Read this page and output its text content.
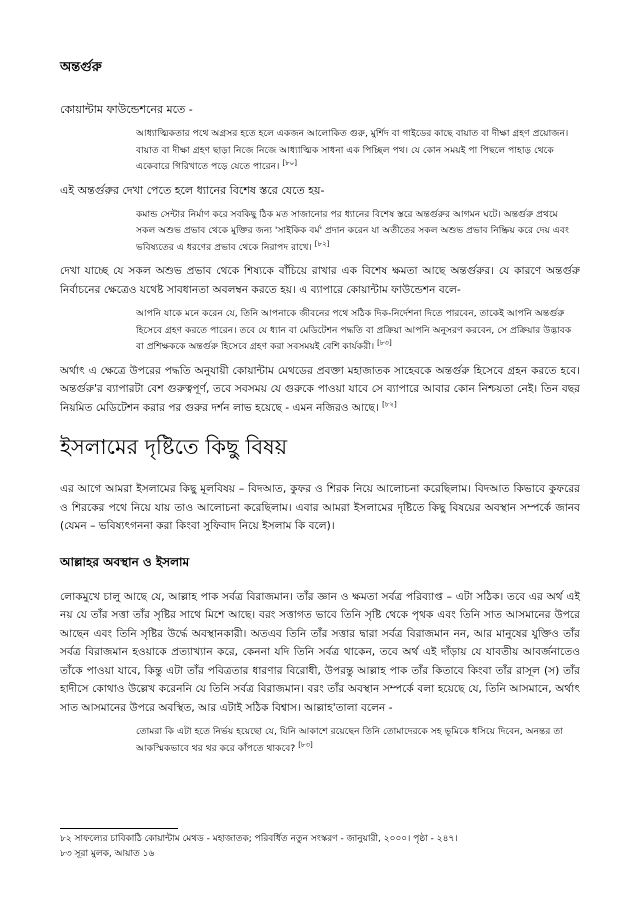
অন্তর্গুরু

কোয়ান্টাম ফাউন্ডেশনের মতে -

আধ্যাত্মিকতার পথে অগ্রসর হতে হলে একজন আলোকিত গুরু, মুর্শিদ বা গাইডের কাছে বায়াত বা দীক্ষা গ্রহণ প্রয়োজন। বায়াত বা দীক্ষা গ্রহণ ছাড়া নিজে নিজে আধ্যাত্মিক সাধনা এক পিচ্ছিল পথ। যে কোন সময়ই পা পিছলে পাহাড় থেকে একেবারে গিরিখাতে পড়ে যেতে পারেন। [৮০]

এই অন্তর্গুরুর দেখা পেতে হলে ধ্যানের বিশেষ স্তরে যেতে হয়-

কমান্ড সেন্টার নির্মাণ করে সবকিছু ঠিক মত সাজানোর পর ধ্যানের বিশেষ স্তরে অন্তর্গুরুর আগমন ঘটে। অন্তর্গুরু প্রথমে সকল অশুভ প্রভাব থেকে মুক্তির জন্য 'সাইকিক বর্ম' প্রদান করেন যা অতীতের সকল অশুভ প্রভাব নিষ্ক্রিয় করে দেয় এবং ভবিষ্যতের এ ধরণের প্রভাব থেকে নিরাপদ রাখে। [৮২]

দেখা যাচ্ছে যে সকল অশুভ প্রভাব থেকে শিষ্যকে বাঁচিয়ে রাখার এক বিশেষ ক্ষমতা আছে অন্তর্গুরুর। যে কারণে অন্তর্গুরু নির্বাচনের ক্ষেত্রেও যথেষ্ট সাবধানতা অবলম্বন করতে হয়। এ ব্যাপারে কোয়ান্টাম ফাউন্ডেশন বলে-

আপনি যাকে মনে করেন যে, তিনি আপনাকে জীবনের পথে সঠিক দিক-নির্দেশনা দিতে পারবেন, তাকেই আপনি অন্তর্গুরু হিসেবে গ্রহণ করতে পারেন। তবে যে ধ্যান বা মেডিটেশন পদ্ধতি বা প্রক্রিয়া আপনি অনুসরণ করবেন, সে প্রক্রিয়ার উদ্ভাবক বা প্রশিক্ষককে অন্তর্গুরু হিসেবে গ্রহণ করা সবসময়ই বেশি কার্যকরী। [৮৩]

অর্থাৎ এ ক্ষেত্রে উপরের পদ্ধতি অনুযায়ী কোয়ান্টাম মেথডের প্রবক্তা মহাজাতক সাহেবকে অন্তর্গুরু হিসেবে গ্রহন করতে হবে। অন্তর্গুরু'র ব্যাপারটা বেশ গুরুত্বপূর্ণ, তবে সবসময় যে গুরুকে পাওয়া যাবে সে ব্যাপারে আবার কোন নিশ্চয়তা নেই। তিন বছর নিয়মিত মেডিটেশন করার পর গুরুর দর্শন লাভ হয়েছে - এমন নজিরও আছে। [৮২]

ইসলামের দৃষ্টিতে কিছু বিষয়

এর আগে আমরা ইসলামের কিছু মূলবিষয় – বিদআত, কুফর ও শিরক নিয়ে আলোচনা করেছিলাম। বিদআত কিভাবে কুফরের ও শিরকের পথে নিয়ে যায় তাও আলোচনা করেছিলাম। এবার আমরা ইসলামের দৃষ্টিতে কিছু বিষয়ের অবস্থান সম্পর্কে জানব (যেমন – ভবিষ্যৎগননা করা কিংবা সুফিবাদ নিয়ে ইসলাম কি বলে)।

আল্লাহর অবস্থান ও ইসলাম

লোকমুখে চালু আছে যে, আল্লাহ পাক সর্বত্র বিরাজমান। তাঁর জ্ঞান ও ক্ষমতা সর্বত্র পরিব্যাপ্ত – এটা সঠিক। তবে এর অর্থ এই নয় যে তাঁর সত্তা তাঁর সৃষ্টির সাথে মিশে আছে। বরং সত্তাগত ভাবে তিনি সৃষ্টি থেকে পৃথক এবং তিনি সাত আসমানের উপরে আছেন এবং তিনি সৃষ্টির উর্দ্ধে অবস্থানকারী। অতএব তিনি তাঁর সত্তার দ্বারা সর্বত্র বিরাজমান নন, আর মানুষের যুক্তিও তাঁর সর্বত্র বিরাজমান হওয়াকে প্রত্যাখ্যান করে, কেননা যদি তিনি সর্বত্র থাকেন, তবে অর্থ এই দাঁড়ায় যে যাবতীয় আবর্জনাতেও তাঁকে পাওয়া যাবে, কিন্তু এটা তাঁর পবিত্রতার ধারণার বিরোধী, উপরন্তু আল্লাহ পাক তাঁর কিতাবে কিংবা তাঁর রাসূল (স) তাঁর হাদীসে কোথাও উল্লেখ করেননি যে তিনি সর্বত্র বিরাজমান। বরং তাঁর অবস্থান সম্পর্কে বলা হয়েছে যে, তিনি আসমানে, অর্থাৎ সাত আসমানের উপরে অবস্থিত, আর এটাই সঠিক বিশ্বাস। আল্লাহ'তালা বলেন -

তোমরা কি এটা হতে নির্ভয় হয়েছো যে, যিনি আকাশে রয়েছেন তিনি তোমাদেরকে সহ ভূমিকে ধসিয়ে দিবেন, অনন্তর তা আকস্মিকভাবে থর থর করে কাঁপতে থাকবে? [৮৩]

৮২ সাফল্যের চাবিকাঠি কোয়ান্টাম মেথড - মহাজাতক; পরিবর্ধিত নতুন সংস্করণ - জানুয়ারী, ২০০০। পৃষ্ঠা - ২৪৭।

৮৩ সূরা মুলক, আয়াত ১৬
